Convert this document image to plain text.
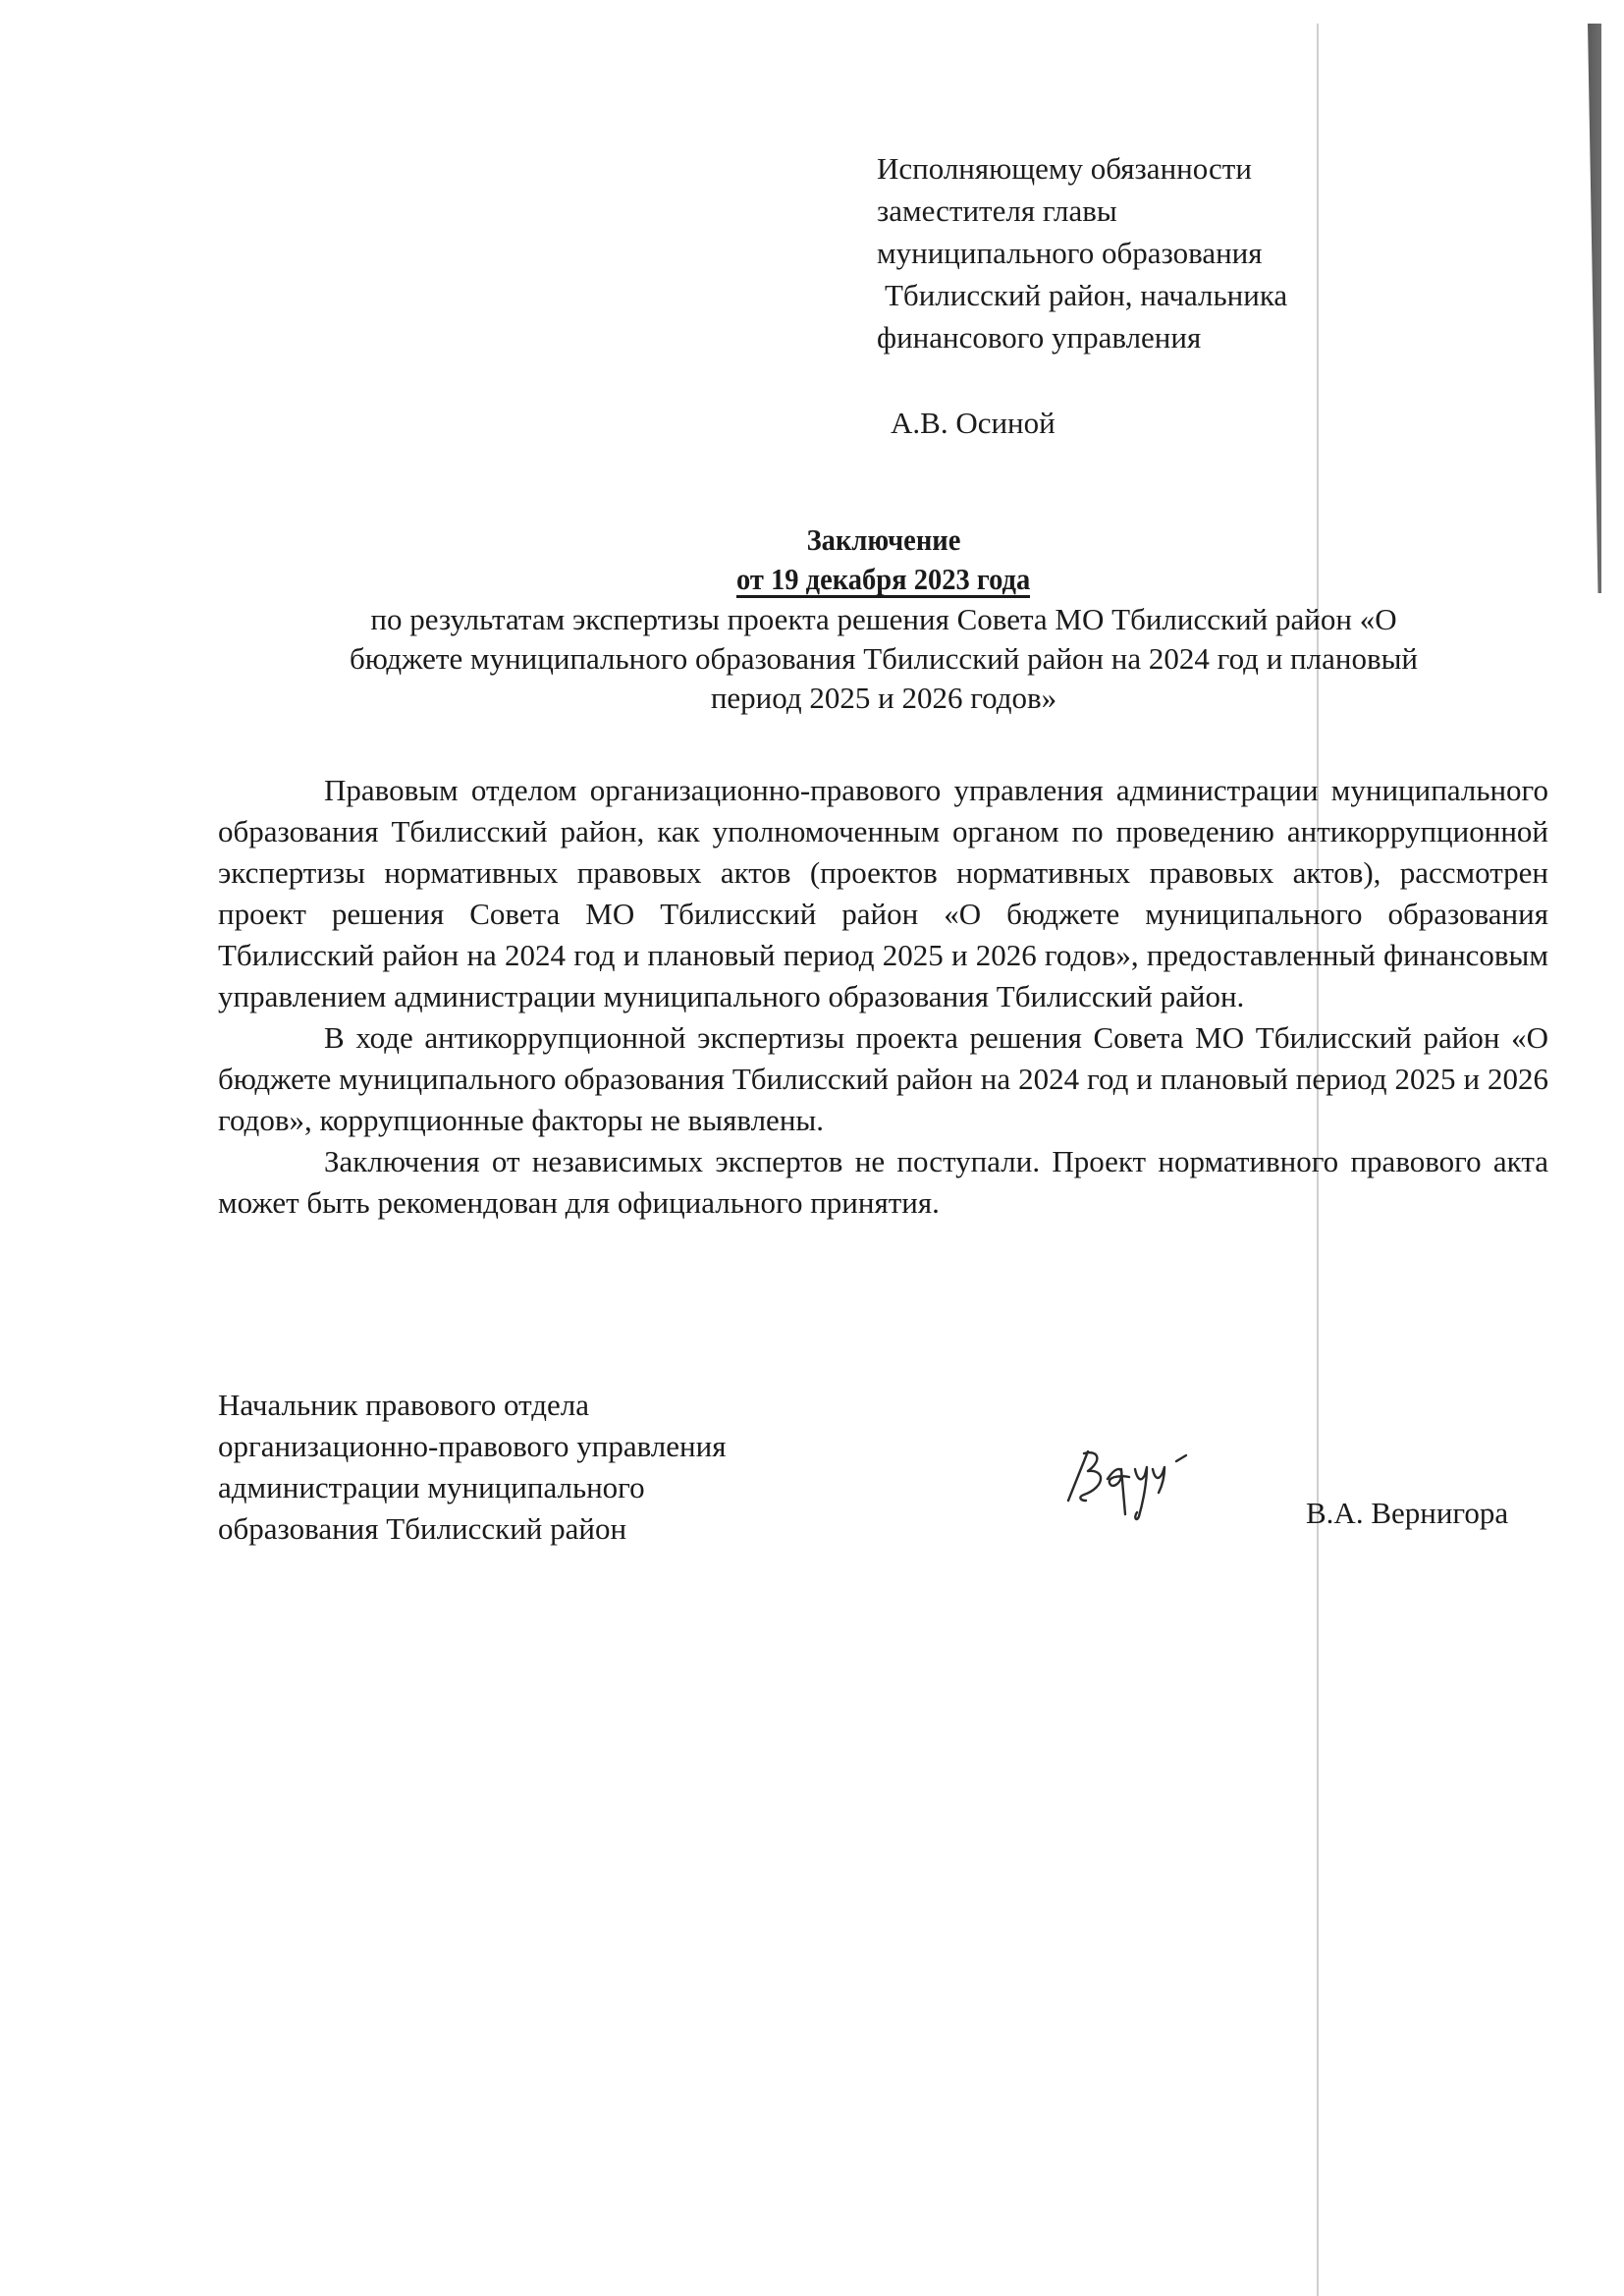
Исполняющему обязанности
заместителя главы
муниципального образования
Тбилисский район, начальника
финансового управления
А.В. Осиной
Заключение
от 19 декабря 2023 года
по результатам экспертизы проекта решения Совета МО Тбилисский район «О
бюджете муниципального образования Тбилисский район на 2024 год и плановый
период 2025 и 2026 годов»

Правовым отделом организационно-правового управления администрации муниципального образования Тбилисский район, как уполномоченным органом по проведению антикоррупционной экспертизы нормативных правовых актов (проектов нормативных правовых актов), рассмотрен проект решения Совета МО Тбилисский район «О бюджете муниципального образования Тбилисский район на 2024 год и плановый период 2025 и 2026 годов», предоставленный финансовым управлением администрации муниципального образования Тбилисский район.

В ходе антикоррупционной экспертизы проекта решения Совета МО Тбилисский район «О бюджете муниципального образования Тбилисский район на 2024 год и плановый период 2025 и 2026 годов», коррупционные факторы не выявлены.

Заключения от независимых экспертов не поступали. Проект нормативного правового акта может быть рекомендован для официального принятия.

Начальник правового отдела
организационно-правового управления
администрации муниципального
образования Тбилисский район	В.А. Вернигора
